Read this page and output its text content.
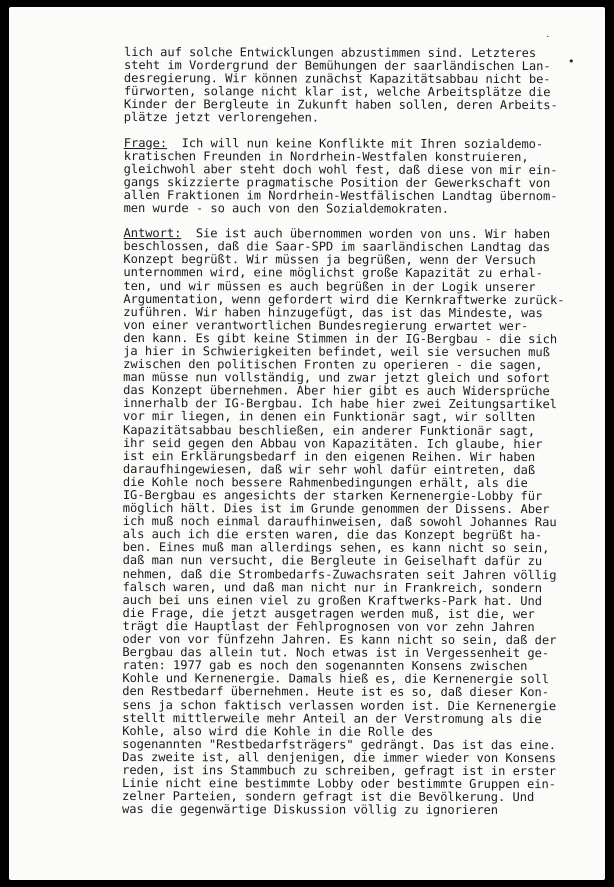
•
˙
lich auf solche Entwicklungen abzustimmen sind. Letzteres
steht im Vordergrund der Bemühungen der saarländischen Lan-
desregierung. Wir können zunächst Kapazitätsabbau nicht be-
fürworten, solange nicht klar ist, welche Arbeitsplätze die
Kinder der Bergleute in Zukunft haben sollen, deren Arbeits-
plätze jetzt verlorengehen.
Frage:  Ich will nun keine Konflikte mit Ihren sozialdemo-
kratischen Freunden in Nordrhein-Westfalen konstruieren,
gleichwohl aber steht doch wohl fest, daß diese von mir ein-
gangs skizzierte pragmatische Position der Gewerkschaft von
allen Fraktionen im Nordrhein-Westfälischen Landtag übernom-
men wurde - so auch von den Sozialdemokraten.
Antwort:  Sie ist auch übernommen worden von uns. Wir haben
beschlossen, daß die Saar-SPD im saarländischen Landtag das
Konzept begrüßt. Wir müssen ja begrüßen, wenn der Versuch
unternommen wird, eine möglichst große Kapazität zu erhal-
ten, und wir müssen es auch begrüßen in der Logik unserer
Argumentation, wenn gefordert wird die Kernkraftwerke zurück-
zuführen. Wir haben hinzugefügt, das ist das Mindeste, was
von einer verantwortlichen Bundesregierung erwartet wer-
den kann. Es gibt keine Stimmen in der IG-Bergbau - die sich
ja hier in Schwierigkeiten befindet, weil sie versuchen muß
zwischen den politischen Fronten zu operieren - die sagen,
man müsse nun vollständig, und zwar jetzt gleich und sofort
das Konzept übernehmen. Aber hier gibt es auch Widersprüche
innerhalb der IG-Bergbau. Ich habe hier zwei Zeitungsartikel
vor mir liegen, in denen ein Funktionär sagt, wir sollten
Kapazitätsabbau beschließen, ein anderer Funktionär sagt,
ihr seid gegen den Abbau von Kapazitäten. Ich glaube, hier
ist ein Erklärungsbedarf in den eigenen Reihen. Wir haben
daraufhingewiesen, daß wir sehr wohl dafür eintreten, daß
die Kohle noch bessere Rahmenbedingungen erhält, als die
IG-Bergbau es angesichts der starken Kernenergie-Lobby für
möglich hält. Dies ist im Grunde genommen der Dissens. Aber
ich muß noch einmal daraufhinweisen, daß sowohl Johannes Rau
als auch ich die ersten waren, die das Konzept begrüßt ha-
ben. Eines muß man allerdings sehen, es kann nicht so sein,
daß man nun versucht, die Bergleute in Geiselhaft dafür zu
nehmen, daß die Strombedarfs-Zuwachsraten seit Jahren völlig
falsch waren, und daß man nicht nur in Frankreich, sondern
auch bei uns einen viel zu großen Kraftwerks-Park hat. Und
die Frage, die jetzt ausgetragen werden muß, ist die, wer
trägt die Hauptlast der Fehlprognosen von vor zehn Jahren
oder von vor fünfzehn Jahren. Es kann nicht so sein, daß der
Bergbau das allein tut. Noch etwas ist in Vergessenheit ge-
raten: 1977 gab es noch den sogenannten Konsens zwischen
Kohle und Kernenergie. Damals hieß es, die Kernenergie soll
den Restbedarf übernehmen. Heute ist es so, daß dieser Kon-
sens ja schon faktisch verlassen worden ist. Die Kernenergie
stellt mittlerweile mehr Anteil an der Verstromung als die
Kohle, also wird die Kohle in die Rolle des
sogenannten "Restbedarfsträgers" gedrängt. Das ist das eine.
Das zweite ist, all denjenigen, die immer wieder von Konsens
reden, ist ins Stammbuch zu schreiben, gefragt ist in erster
Linie nicht eine bestimmte Lobby oder bestimmte Gruppen ein-
zelner Parteien, sondern gefragt ist die Bevölkerung. Und
was die gegenwärtige Diskussion völlig zu ignorieren
